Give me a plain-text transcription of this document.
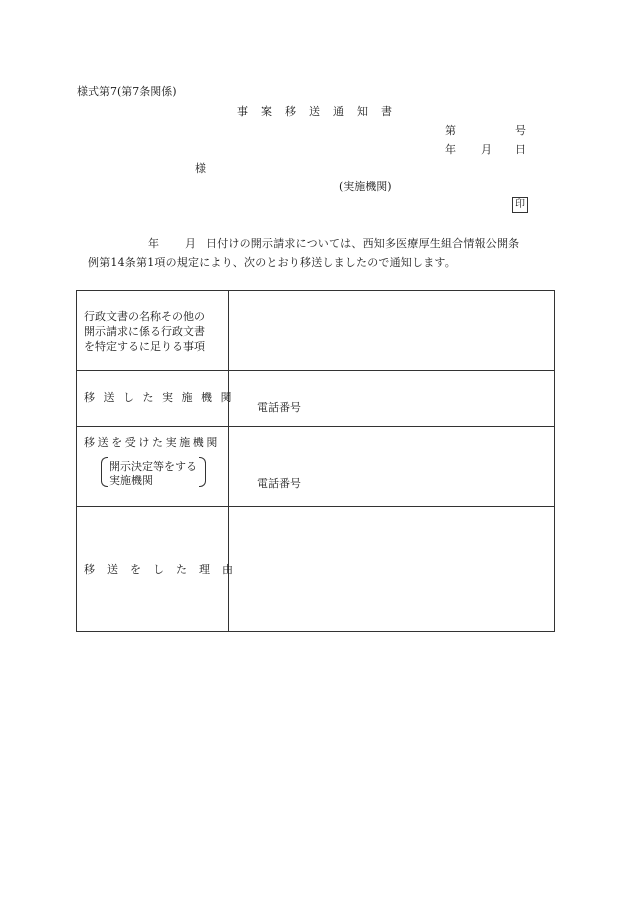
様式第7(第7条関係)
事案移送通知書
第	号
年 月 日
様
(実施機関)
印
年 月 日付けの開示請求については、西知多医療厚生組合情報公開条
例第14条第1項の規定により、次のとおり移送しましたので通知します。
行政文書の名称その他の
開示請求に係る行政文書
を特定するに足りる事項
移送した実施機関
電話番号
移送を受けた実施機関
開示決定等をする
実施機関	電話番号
移送をした理由
